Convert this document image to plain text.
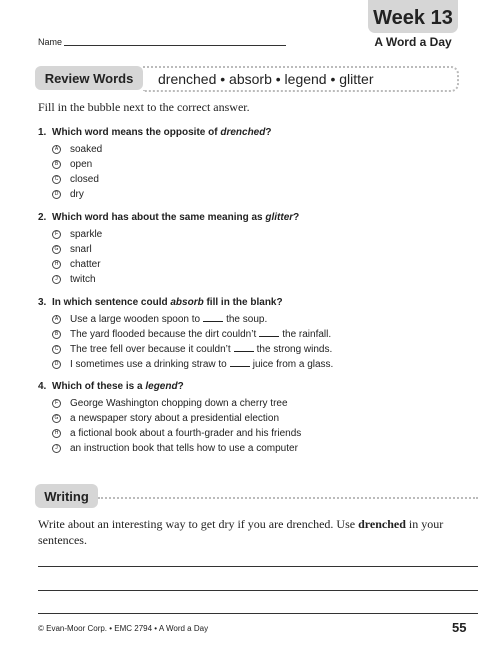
Week 13
A Word a Day
Name
Review Words	drenched • absorb • legend • glitter
Fill in the bubble next to the correct answer.
1. Which word means the opposite of drenched?
A soaked
B open
C closed
D dry
2. Which word has about the same meaning as glitter?
F sparkle
G snarl
H chatter
J twitch
3. In which sentence could absorb fill in the blank?
A Use a large wooden spoon to	the soup.
B The yard flooded because the dirt couldn’t	the rainfall.
C The tree fell over because it couldn’t	the strong winds.
D I sometimes use a drinking straw to	juice from a glass.
4. Which of these is a legend?
F George Washington chopping down a cherry tree
G a newspaper story about a presidential election
H a fictional book about a fourth-grader and his friends
J an instruction book that tells how to use a computer
Writing
Write about an interesting way to get dry if you are drenched. Use drenched in your sentences.
© Evan-Moor Corp. • EMC 2794 • A Word a Day	55
